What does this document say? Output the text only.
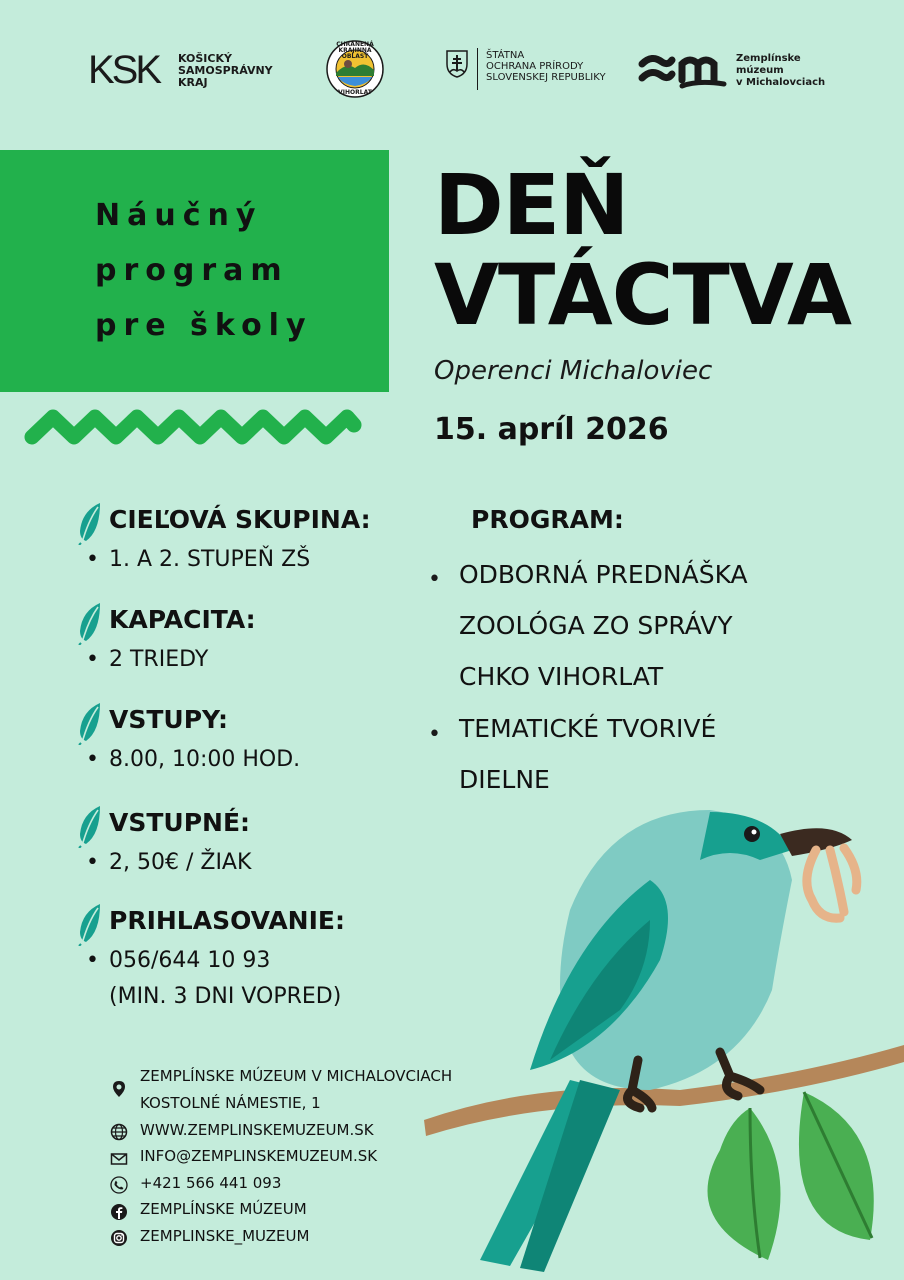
KSK KOŠICKÝ
SAMOSPRÁVNY
KRAJ
CHRÁNENÁ KRAJINNÁ OBLASŤ
VIHORLAT
ŠTÁTNA
OCHRANA PRÍRODY
SLOVENSKEJ REPUBLIKY
Zemplínske
múzeum
v Michalovciach
Náučný
program
pre školy
DEŇ
VTÁCTVA
Operenci Michaloviec
15. apríl 2026
CIEĽOVÁ SKUPINA:
• 1. A 2. STUPEŇ ZŠ
KAPACITA:
• 2 TRIEDY
VSTUPY:
• 8.00, 10:00 HOD.
VSTUPNÉ:
• 2, 50€ / ŽIAK
PRIHLASOVANIE:
• 056/644 10 93
(MIN. 3 DNI VOPRED)
PROGRAM:
• ODBORNÁ PREDNÁŠKA
ZOOLÓGA ZO SPRÁVY
CHKO VIHORLAT
• TEMATICKÉ TVORIVÉ
DIELNE
ZEMPLÍNSKE MÚZEUM V MICHALOVCIACH
KOSTOLNÉ NÁMESTIE, 1
WWW.ZEMPLINSKEMUZEUM.SK
INFO@ZEMPLINSKEMUZEUM.SK
+421 566 441 093
ZEMPLÍNSKE MÚZEUM
ZEMPLINSKE_MUZEUM
